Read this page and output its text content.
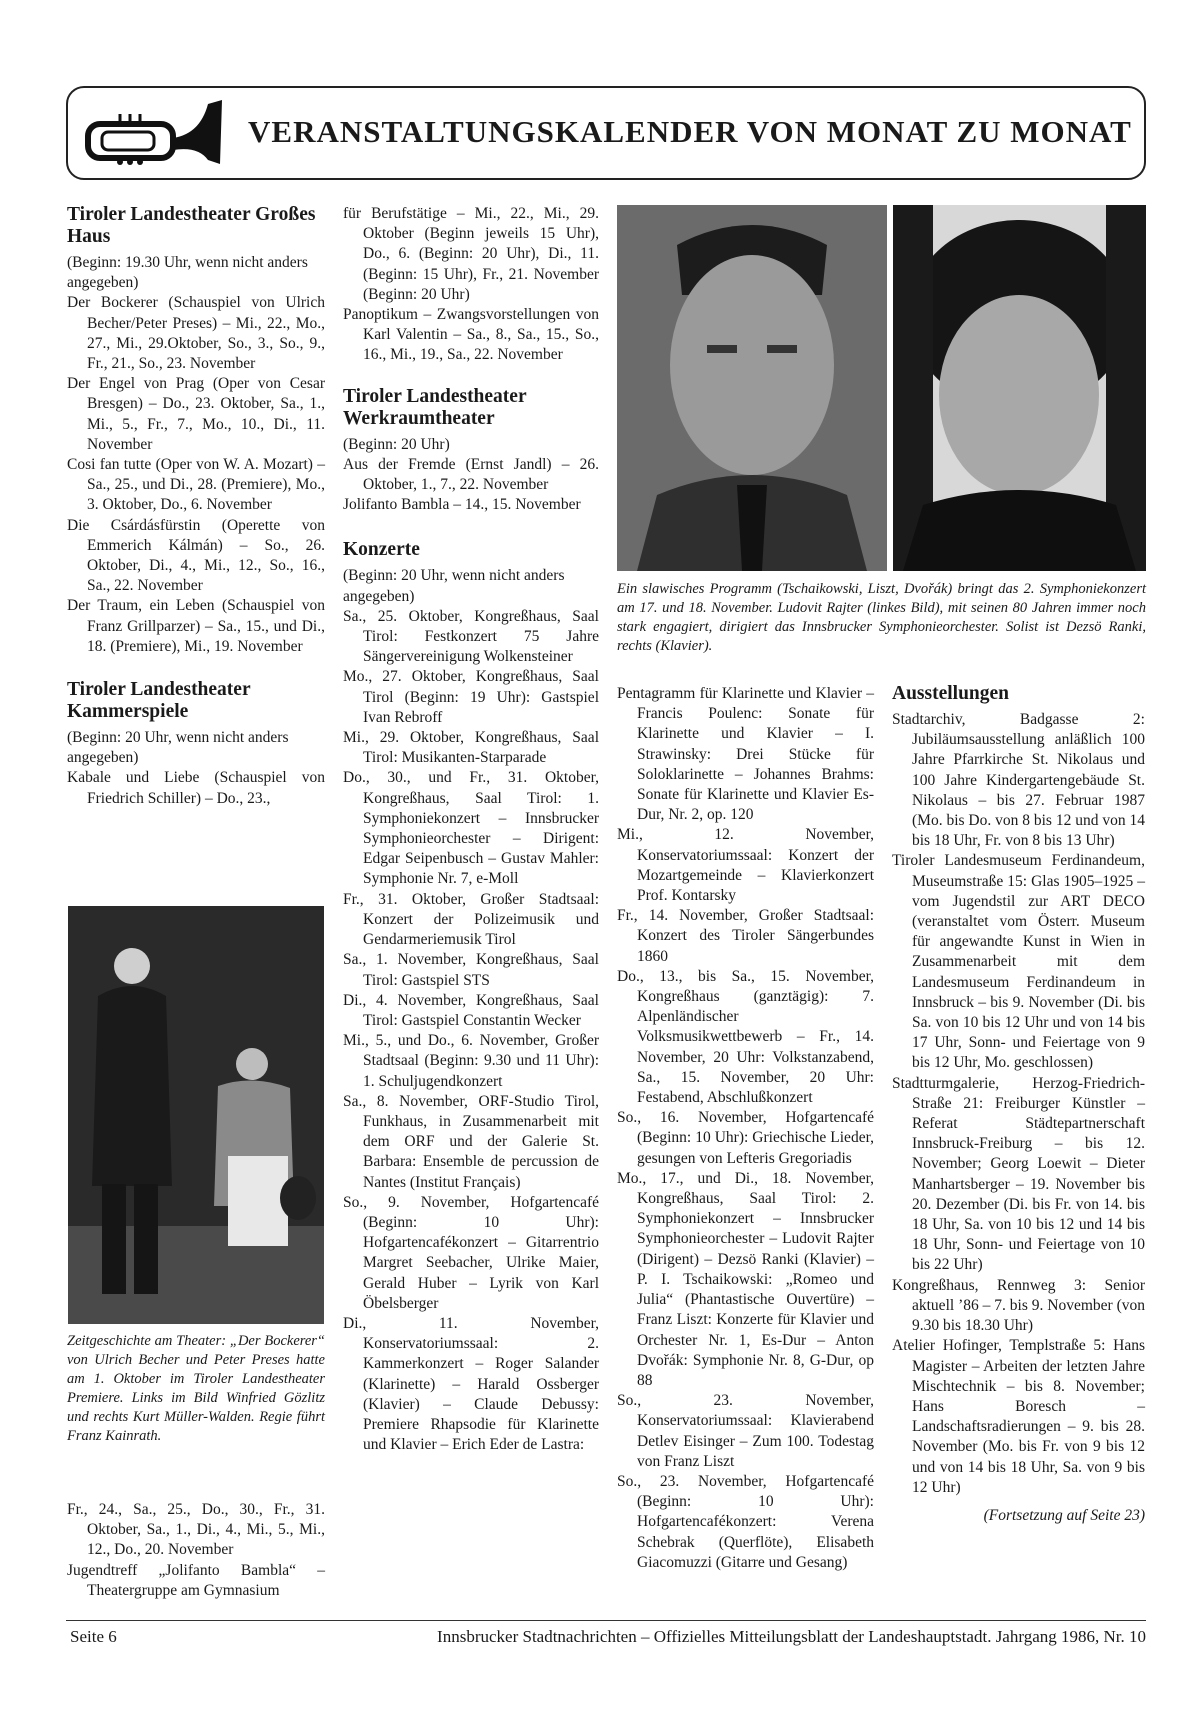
VERANSTALTUNGSKALENDER VON MONAT ZU MONAT
Tiroler Landestheater Großes Haus

(Beginn: 19.30 Uhr, wenn nicht anders angegeben)

Der Bockerer (Schauspiel von Ulrich Becher/Peter Preses) – Mi., 22., Mo., 27., Mi., 29.Oktober, So., 3., So., 9., Fr., 21., So., 23. November

Der Engel von Prag (Oper von Cesar Bresgen) – Do., 23. Oktober, Sa., 1., Mi., 5., Fr., 7., Mo., 10., Di., 11. November

Cosi fan tutte (Oper von W. A. Mozart) – Sa., 25., und Di., 28. (Premiere), Mo., 3. Oktober, Do., 6. November

Die Csárdásfürstin (Operette von Emmerich Kálmán) – So., 26. Oktober, Di., 4., Mi., 12., So., 16., Sa., 22. November

Der Traum, ein Leben (Schauspiel von Franz Grillparzer) – Sa., 15., und Di., 18. (Premiere), Mi., 19. November

Tiroler Landestheater Kammerspiele

(Beginn: 20 Uhr, wenn nicht anders angegeben)

Kabale und Liebe (Schauspiel von Friedrich Schiller) – Do., 23.,

Zeitgeschichte am Theater: „Der Bockerer“ von Ulrich Becher und Peter Preses hatte am 1. Oktober im Tiroler Landestheater Premiere. Links im Bild Winfried Gözlitz und rechts Kurt Müller-Walden. Regie führt Franz Kainrath.

Fr., 24., Sa., 25., Do., 30., Fr., 31. Oktober, Sa., 1., Di., 4., Mi., 5., Mi., 12., Do., 20. November

Jugendtreff „Jolifanto Bambla“ – Theatergruppe am Gymnasium

für Berufstätige – Mi., 22., Mi., 29. Oktober (Beginn jeweils 15 Uhr), Do., 6. (Beginn: 20 Uhr), Di., 11. (Beginn: 15 Uhr), Fr., 21. November (Beginn: 20 Uhr)

Panoptikum – Zwangsvorstellungen von Karl Valentin – Sa., 8., Sa., 15., So., 16., Mi., 19., Sa., 22. November

Tiroler Landestheater Werkraumtheater

(Beginn: 20 Uhr)

Aus der Fremde (Ernst Jandl) – 26. Oktober, 1., 7., 22. November

Jolifanto Bambla – 14., 15. November

Konzerte

(Beginn: 20 Uhr, wenn nicht anders angegeben)

Sa., 25. Oktober, Kongreßhaus, Saal Tirol: Festkonzert 75 Jahre Sängervereinigung Wolkensteiner

Mo., 27. Oktober, Kongreßhaus, Saal Tirol (Beginn: 19 Uhr): Gastspiel Ivan Rebroff

Mi., 29. Oktober, Kongreßhaus, Saal Tirol: Musikanten-Starparade

Do., 30., und Fr., 31. Oktober, Kongreßhaus, Saal Tirol: 1. Symphoniekonzert – Innsbrucker Symphonieorchester – Dirigent: Edgar Seipenbusch – Gustav Mahler: Symphonie Nr. 7, e-Moll

Fr., 31. Oktober, Großer Stadtsaal: Konzert der Polizeimusik und Gendarmeriemusik Tirol

Sa., 1. November, Kongreßhaus, Saal Tirol: Gastspiel STS

Di., 4. November, Kongreßhaus, Saal Tirol: Gastspiel Constantin Wecker

Mi., 5., und Do., 6. November, Großer Stadtsaal (Beginn: 9.30 und 11 Uhr): 1. Schuljugendkonzert

Sa., 8. November, ORF-Studio Tirol, Funkhaus, in Zusammenarbeit mit dem ORF und der Galerie St. Barbara: Ensemble de percussion de Nantes (Institut Français)

So., 9. November, Hofgartencafé (Beginn: 10 Uhr): Hofgartencafékonzert – Gitarrentrio Margret Seebacher, Ulrike Maier, Gerald Huber – Lyrik von Karl Öbelsberger

Di., 11. November, Konservatoriumssaal: 2. Kammerkonzert – Roger Salander (Klarinette) – Harald Ossberger (Klavier) – Claude Debussy: Premiere Rhapsodie für Klarinette und Klavier – Erich Eder de Lastra:

Ein slawisches Programm (Tschaikowski, Liszt, Dvořák) bringt das 2. Symphoniekonzert am 17. und 18. November. Ludovit Rajter (linkes Bild), mit seinen 80 Jahren immer noch stark engagiert, dirigiert das Innsbrucker Symphonieorchester. Solist ist Dezsö Ranki, rechts (Klavier).

Pentagramm für Klarinette und Klavier – Francis Poulenc: Sonate für Klarinette und Klavier – I. Strawinsky: Drei Stücke für Soloklarinette – Johannes Brahms: Sonate für Klarinette und Klavier Es-Dur, Nr. 2, op. 120

Mi., 12. November, Konservatoriumssaal: Konzert der Mozartgemeinde – Klavierkonzert Prof. Kontarsky

Fr., 14. November, Großer Stadtsaal: Konzert des Tiroler Sängerbundes 1860

Do., 13., bis Sa., 15. November, Kongreßhaus (ganztägig): 7. Alpenländischer Volksmusikwettbewerb – Fr., 14. November, 20 Uhr: Volkstanzabend, Sa., 15. November, 20 Uhr: Festabend, Abschlußkonzert

So., 16. November, Hofgartencafé (Beginn: 10 Uhr): Griechische Lieder, gesungen von Lefteris Gregoriadis

Mo., 17., und Di., 18. November, Kongreßhaus, Saal Tirol: 2. Symphoniekonzert – Innsbrucker Symphonieorchester – Ludovit Rajter (Dirigent) – Dezsö Ranki (Klavier) – P. I. Tschaikowski: „Romeo und Julia“ (Phantastische Ouvertüre) – Franz Liszt: Konzerte für Klavier und Orchester Nr. 1, Es-Dur – Anton Dvořák: Symphonie Nr. 8, G-Dur, op 88

So., 23. November, Konservatoriumssaal: Klavierabend Detlev Eisinger – Zum 100. Todestag von Franz Liszt

So., 23. November, Hofgartencafé (Beginn: 10 Uhr): Hofgartencafékonzert: Verena Schebrak (Querflöte), Elisabeth Giacomuzzi (Gitarre und Gesang)

Ausstellungen

Stadtarchiv, Badgasse 2: Jubiläumsausstellung anläßlich 100 Jahre Pfarrkirche St. Nikolaus und 100 Jahre Kindergartengebäude St. Nikolaus – bis 27. Februar 1987 (Mo. bis Do. von 8 bis 12 und von 14 bis 18 Uhr, Fr. von 8 bis 13 Uhr)

Tiroler Landesmuseum Ferdinandeum, Museumstraße 15: Glas 1905–1925 – vom Jugendstil zur ART DECO (veranstaltet vom Österr. Museum für angewandte Kunst in Wien in Zusammenarbeit mit dem Landesmuseum Ferdinandeum in Innsbruck – bis 9. November (Di. bis Sa. von 10 bis 12 Uhr und von 14 bis 17 Uhr, Sonn- und Feiertage von 9 bis 12 Uhr, Mo. geschlossen)

Stadtturmgalerie, Herzog-Friedrich-Straße 21: Freiburger Künstler – Referat Städtepartnerschaft Innsbruck-Freiburg – bis 12. November; Georg Loewit – Dieter Manhartsberger – 19. November bis 20. Dezember (Di. bis Fr. von 14. bis 18 Uhr, Sa. von 10 bis 12 und 14 bis 18 Uhr, Sonn- und Feiertage von 10 bis 22 Uhr)

Kongreßhaus, Rennweg 3: Senior aktuell ’86 – 7. bis 9. November (von 9.30 bis 18.30 Uhr)

Atelier Hofinger, Templstraße 5: Hans Magister – Arbeiten der letzten Jahre Mischtechnik – bis 8. November; Hans Boresch – Landschaftsradierungen – 9. bis 28. November (Mo. bis Fr. von 9 bis 12 und von 14 bis 18 Uhr, Sa. von 9 bis 12 Uhr)

(Fortsetzung auf Seite 23)

Seite 6	Innsbrucker Stadtnachrichten – Offizielles Mitteilungsblatt der Landeshauptstadt. Jahrgang 1986, Nr. 10
